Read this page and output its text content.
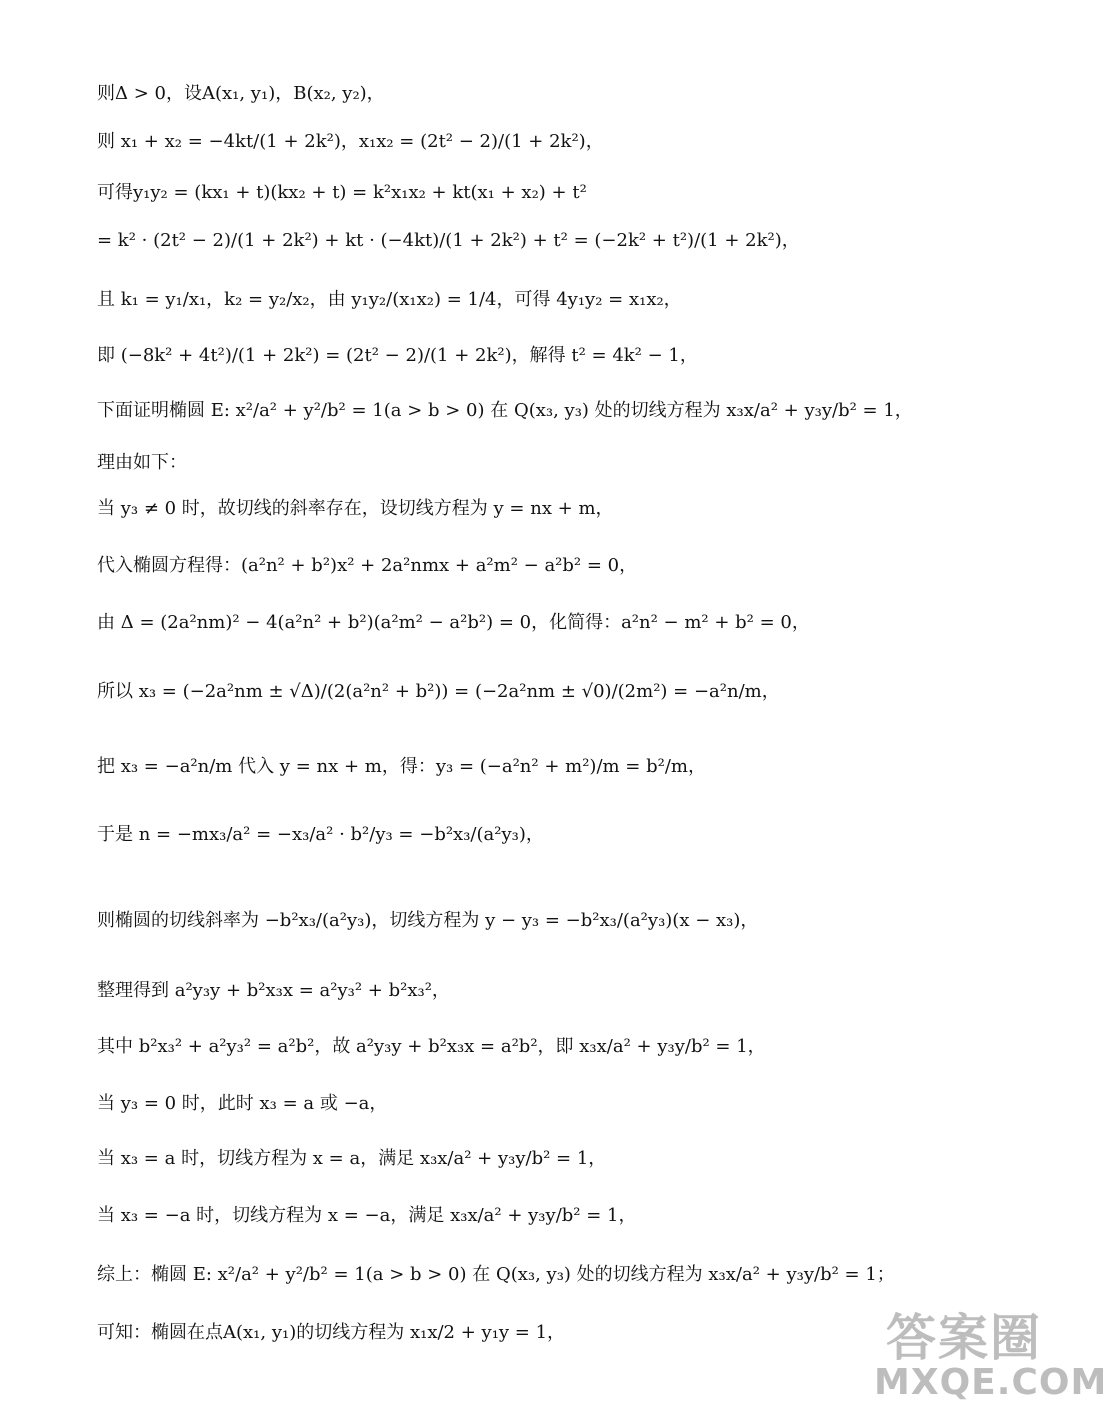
则Δ > 0，设A(x₁, y₁)，B(x₂, y₂)，
则 x₁ + x₂ = −4kt/(1 + 2k²)，x₁x₂ = (2t² − 2)/(1 + 2k²)，
可得y₁y₂ = (kx₁ + t)(kx₂ + t) = k²x₁x₂ + kt(x₁ + x₂) + t²
= k² · (2t² − 2)/(1 + 2k²) + kt · (−4kt)/(1 + 2k²) + t² = (−2k² + t²)/(1 + 2k²)，
且 k₁ = y₁/x₁，k₂ = y₂/x₂，由 y₁y₂/(x₁x₂) = 1/4，可得 4y₁y₂ = x₁x₂，
即 (−8k² + 4t²)/(1 + 2k²) = (2t² − 2)/(1 + 2k²)，解得 t² = 4k² − 1，
下面证明椭圆 E: x²/a² + y²/b² = 1(a > b > 0) 在 Q(x₃, y₃) 处的切线方程为 x₃x/a² + y₃y/b² = 1，
理由如下：
当 y₃ ≠ 0 时，故切线的斜率存在，设切线方程为 y = nx + m，
代入椭圆方程得：(a²n² + b²)x² + 2a²nmx + a²m² − a²b² = 0，
由 Δ = (2a²nm)² − 4(a²n² + b²)(a²m² − a²b²) = 0，化简得：a²n² − m² + b² = 0，
所以 x₃ = (−2a²nm ± √Δ)/(2(a²n² + b²)) = (−2a²nm ± √0)/(2m²) = −a²n/m，
把 x₃ = −a²n/m 代入 y = nx + m，得：y₃ = (−a²n² + m²)/m = b²/m，
于是 n = −mx₃/a² = −x₃/a² · b²/y₃ = −b²x₃/(a²y₃)，
则椭圆的切线斜率为 −b²x₃/(a²y₃)，切线方程为 y − y₃ = −b²x₃/(a²y₃)(x − x₃)，
整理得到 a²y₃y + b²x₃x = a²y₃² + b²x₃²，
其中 b²x₃² + a²y₃² = a²b²，故 a²y₃y + b²x₃x = a²b²，即 x₃x/a² + y₃y/b² = 1，
当 y₃ = 0 时，此时 x₃ = a 或 −a，
当 x₃ = a 时，切线方程为 x = a，满足 x₃x/a² + y₃y/b² = 1，
当 x₃ = −a 时，切线方程为 x = −a，满足 x₃x/a² + y₃y/b² = 1，
综上：椭圆 E: x²/a² + y²/b² = 1(a > b > 0) 在 Q(x₃, y₃) 处的切线方程为 x₃x/a² + y₃y/b² = 1；
可知：椭圆在点A(x₁, y₁)的切线方程为 x₁x/2 + y₁y = 1，	答案圈
MXQE.COM
